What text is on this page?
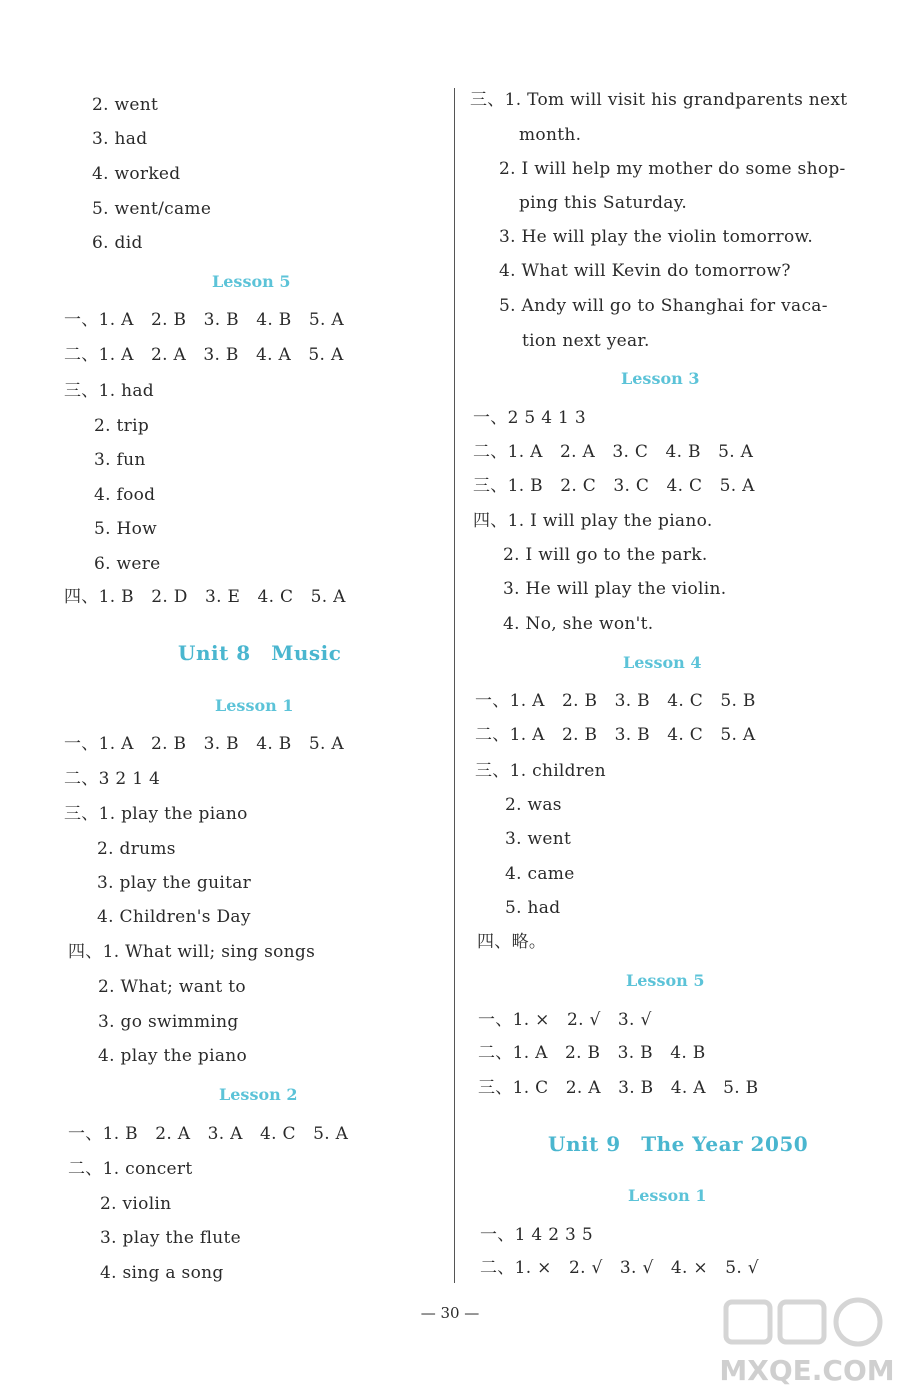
2. went
3. had
4. worked
5. went/came
6. did
Lesson 5
一、1. A　2. B　3. B　4. B　5. A
二、1. A　2. A　3. B　4. A　5. A
三、1. had
2. trip
3. fun
4. food
5. How
6. were
四、1. B　2. D　3. E　4. C　5. A
Unit 8　Music
Lesson 1
一、1. A　2. B　3. B　4. B　5. A
二、3 2 1 4
三、1. play the piano
2. drums
3. play the guitar
4. Children's Day
四、1. What will; sing songs
2. What; want to
3. go swimming
4. play the piano
Lesson 2
一、1. B　2. A　3. A　4. C　5. A
二、1. concert
2. violin
3. play the flute
4. sing a song
三、1. Tom will visit his grandparents next
month.
2. I will help my mother do some shop-
ping this Saturday.
3. He will play the violin tomorrow.
4. What will Kevin do tomorrow?
5. Andy will go to Shanghai for vaca-
tion next year.
Lesson 3
一、2 5 4 1 3
二、1. A　2. A　3. C　4. B　5. A
三、1. B　2. C　3. C　4. C　5. A
四、1. I will play the piano.
2. I will go to the park.
3. He will play the violin.
4. No, she won't.
Lesson 4
一、1. A　2. B　3. B　4. C　5. B
二、1. A　2. B　3. B　4. C　5. A
三、1. children
2. was
3. went
4. came
5. had
四、略。
Lesson 5
一、1. ×　2. √　3. √
二、1. A　2. B　3. B　4. B
三、1. C　2. A　3. B　4. A　5. B
Unit 9　The Year 2050
Lesson 1
一、1 4 2 3 5
二、1. ×　2. √　3. √　4. ×　5. √
— 30 —
MXQE.COM
